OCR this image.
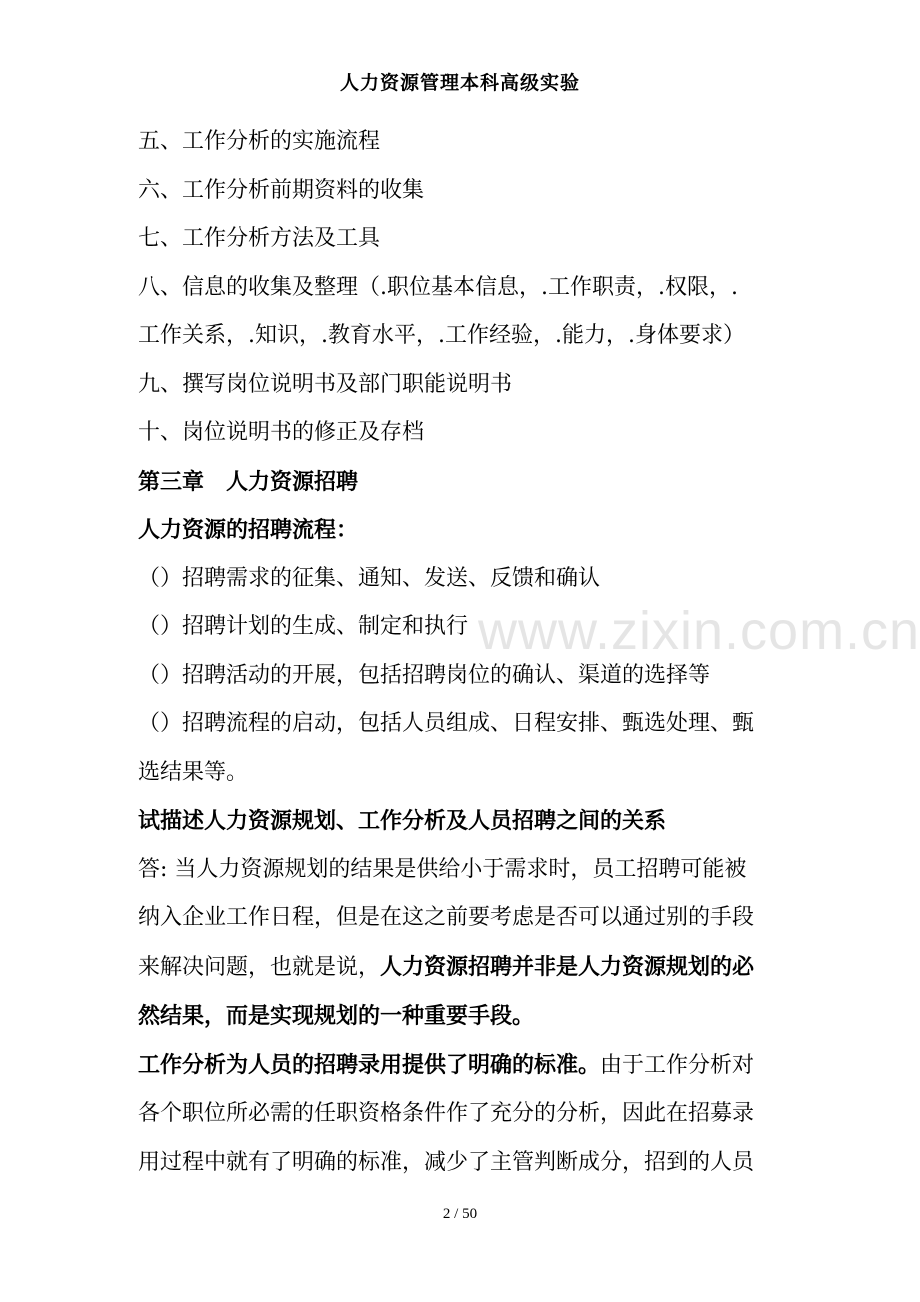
人力资源管理本科高级实验
五、工作分析的实施流程
六、工作分析前期资料的收集
七、工作分析方法及工具
八、信息的收集及整理（.职位基本信息，.工作职责，.权限，.
工作关系，.知识，.教育水平，.工作经验，.能力，.身体要求）
九、撰写岗位说明书及部门职能说明书
十、岗位说明书的修正及存档
第三章　人力资源招聘
人力资源的招聘流程：
（）招聘需求的征集、通知、发送、反馈和确认
（）招聘计划的生成、制定和执行
（）招聘活动的开展，包括招聘岗位的确认、渠道的选择等
（）招聘流程的启动，包括人员组成、日程安排、甄选处理、甄
选结果等。
试描述人力资源规划、工作分析及人员招聘之间的关系
答: 当人力资源规划的结果是供给小于需求时，员工招聘可能被
纳入企业工作日程，但是在这之前要考虑是否可以通过别的手段
来解决问题，也就是说，人力资源招聘并非是人力资源规划的必
然结果，而是实现规划的一种重要手段。
工作分析为人员的招聘录用提供了明确的标准。由于工作分析对
各个职位所必需的任职资格条件作了充分的分析，因此在招募录
用过程中就有了明确的标准，减少了主管判断成分，招到的人员
www.zixin.com.cn
2 / 50
